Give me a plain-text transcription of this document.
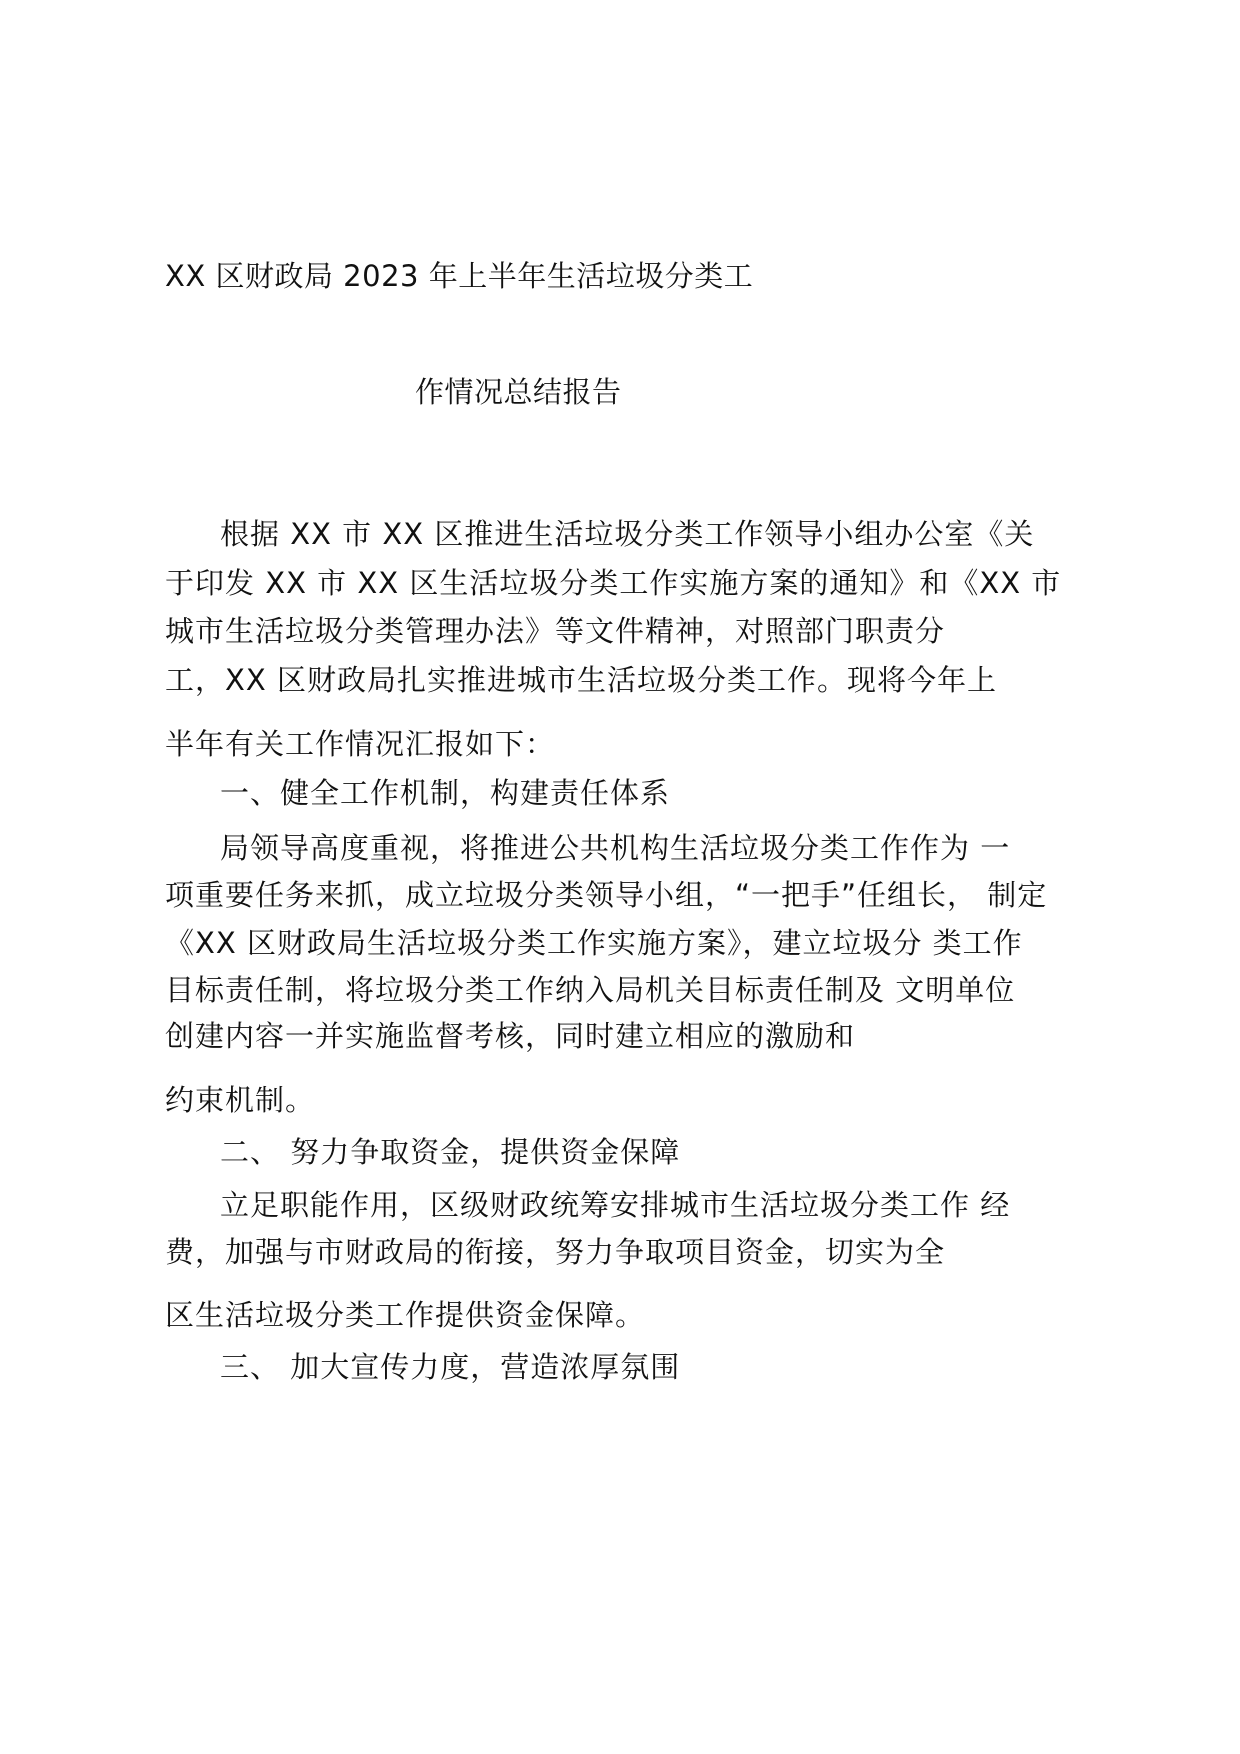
XX 区财政局 2023 年上半年生活垃圾分类工
作情况总结报告
根据 XX 市 XX 区推进生活垃圾分类工作领导小组办公室《关
于印发 XX 市 XX 区生活垃圾分类工作实施方案的通知》和《XX 市
城市生活垃圾分类管理办法》等文件精神，对照部门职责分
工，XX 区财政局扎实推进城市生活垃圾分类工作。现将今年上
半年有关工作情况汇报如下：
一、健全工作机制，构建责任体系
局领导高度重视，将推进公共机构生活垃圾分类工作作为 一
项重要任务来抓，成立垃圾分类领导小组，“一把手”任组长， 制定
《XX 区财政局生活垃圾分类工作实施方案》，建立垃圾分 类工作
目标责任制，将垃圾分类工作纳入局机关目标责任制及 文明单位
创建内容一并实施监督考核，同时建立相应的激励和
约束机制。
二、 努力争取资金，提供资金保障
立足职能作用，区级财政统筹安排城市生活垃圾分类工作 经
费，加强与市财政局的衔接，努力争取项目资金，切实为全
区生活垃圾分类工作提供资金保障。
三、 加大宣传力度，营造浓厚氛围
